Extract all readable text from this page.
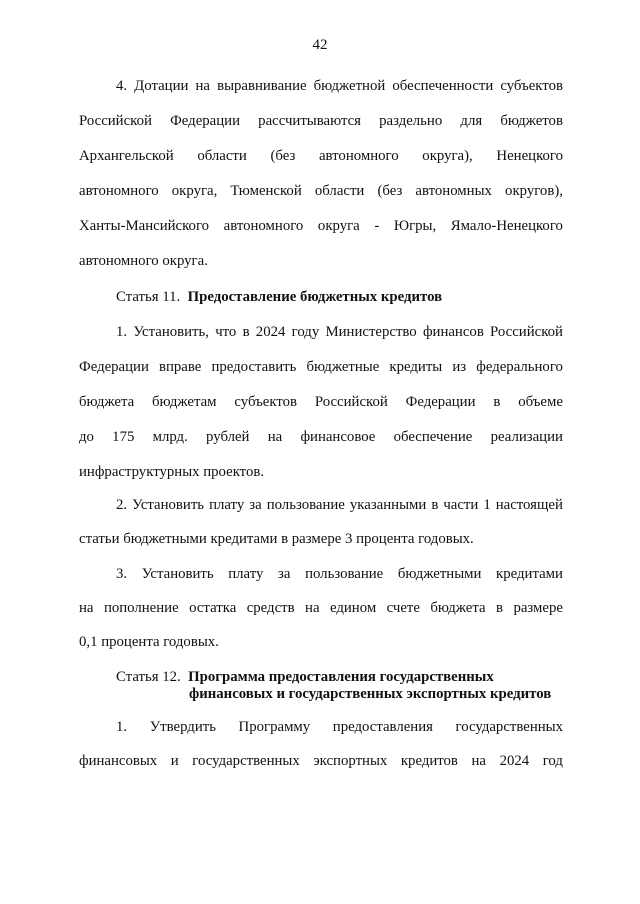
42
4. Дотации на выравнивание бюджетной обеспеченности субъектов
Российской Федерации рассчитываются раздельно для бюджетов
Архангельской области (без автономного округа), Ненецкого
автономного округа, Тюменской области (без автономных округов),
Ханты-Мансийского автономного округа - Югры, Ямало-Ненецкого
автономного округа.
Статья 11. Предоставление бюджетных кредитов
1. Установить, что в 2024 году Министерство финансов Российской
Федерации вправе предоставить бюджетные кредиты из федерального
бюджета бюджетам субъектов Российской Федерации в объеме
до 175 млрд. рублей на финансовое обеспечение реализации
инфраструктурных проектов.
2. Установить плату за пользование указанными в части 1 настоящей
статьи бюджетными кредитами в размере 3 процента годовых.
3. Установить плату за пользование бюджетными кредитами
на пополнение остатка средств на едином счете бюджета в размере
0,1 процента годовых.
Статья 12. Программа предоставления государственных
финансовых и государственных экспортных кредитов
1. Утвердить Программу предоставления государственных
финансовых и государственных экспортных кредитов на 2024 год
